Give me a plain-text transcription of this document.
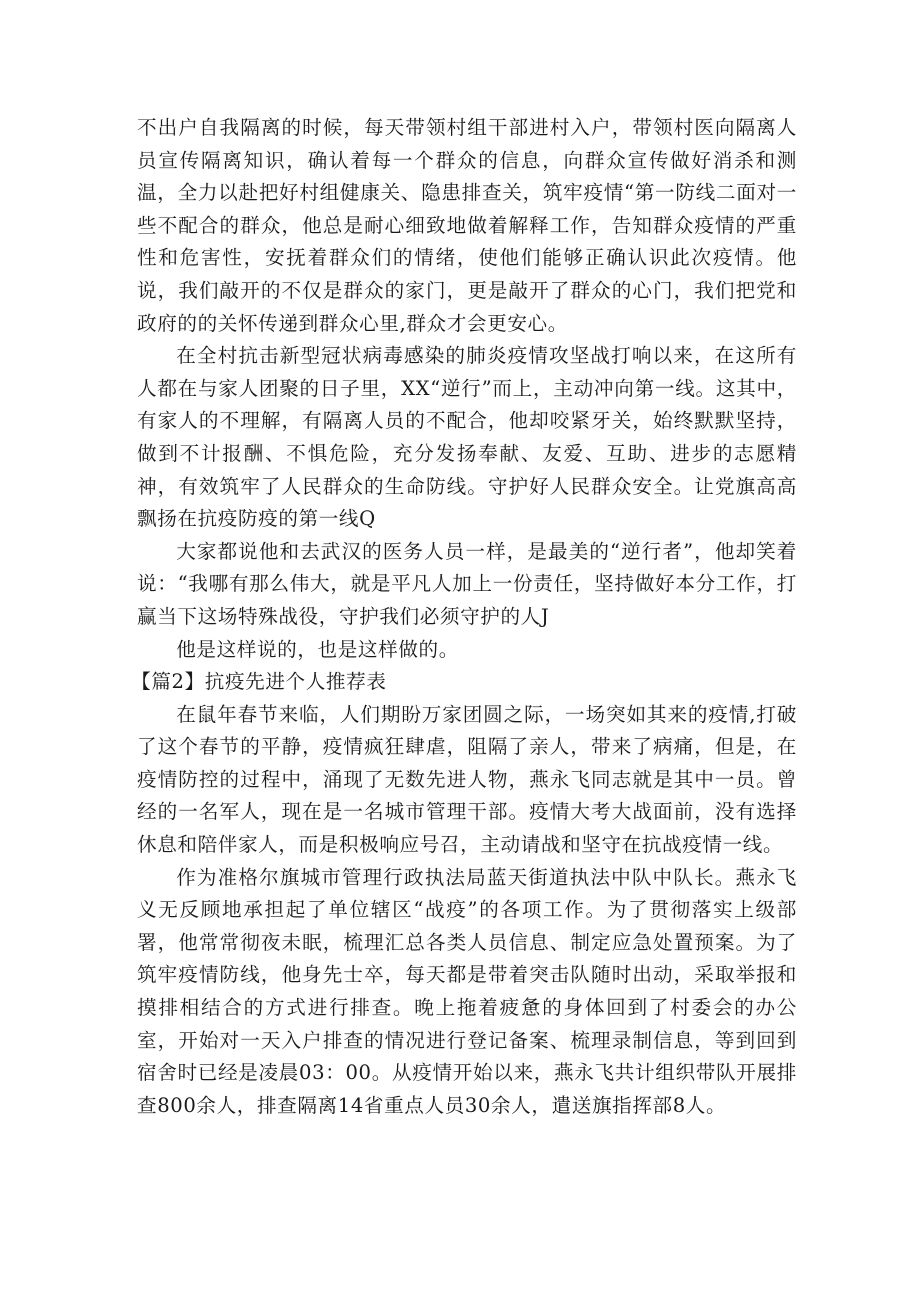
不出户自我隔离的时候，每天带领村组干部进村入户，带领村医向隔离人员宣传隔离知识，确认着每一个群众的信息，向群众宣传做好消杀和测温，全力以赴把好村组健康关、隐患排查关，筑牢疫情“第一防线二面对一些不配合的群众，他总是耐心细致地做着解释工作，告知群众疫情的严重性和危害性，安抚着群众们的情绪，使他们能够正确认识此次疫情。他说，我们敲开的不仅是群众的家门，更是敲开了群众的心门，我们把党和政府的的关怀传递到群众心里,群众才会更安心。

在全村抗击新型冠状病毒感染的肺炎疫情攻坚战打响以来，在这所有人都在与家人团聚的日子里，XX“逆行”而上，主动冲向第一线。这其中，有家人的不理解，有隔离人员的不配合，他却咬紧牙关，始终默默坚持，做到不计报酬、不惧危险，充分发扬奉献、友爱、互助、进步的志愿精神，有效筑牢了人民群众的生命防线。守护好人民群众安全。让党旗高高飘扬在抗疫防疫的第一线Q

大家都说他和去武汉的医务人员一样，是最美的“逆行者”，他却笑着说：“我哪有那么伟大，就是平凡人加上一份责任，坚持做好本分工作，打赢当下这场特殊战役，守护我们必须守护的人J

他是这样说的，也是这样做的。

【篇2】抗疫先进个人推荐表

在鼠年春节来临，人们期盼万家团圆之际，一场突如其来的疫情,打破了这个春节的平静，疫情疯狂肆虐，阻隔了亲人，带来了病痛，但是，在疫情防控的过程中，涌现了无数先进人物，燕永飞同志就是其中一员。曾经的一名军人，现在是一名城市管理干部。疫情大考大战面前，没有选择休息和陪伴家人，而是积极响应号召，主动请战和坚守在抗战疫情一线。

作为准格尔旗城市管理行政执法局蓝天街道执法中队中队长。燕永飞义无反顾地承担起了单位辖区“战疫”的各项工作。为了贯彻落实上级部署，他常常彻夜未眠，梳理汇总各类人员信息、制定应急处置预案。为了筑牢疫情防线，他身先士卒，每天都是带着突击队随时出动，采取举报和摸排相结合的方式进行排查。晚上拖着疲惫的身体回到了村委会的办公室，开始对一天入户排查的情况进行登记备案、梳理录制信息，等到回到宿舍时已经是凌晨03：00。从疫情开始以来，燕永飞共计组织带队开展排查800余人，排查隔离14省重点人员30余人，遣送旗指挥部8人。
